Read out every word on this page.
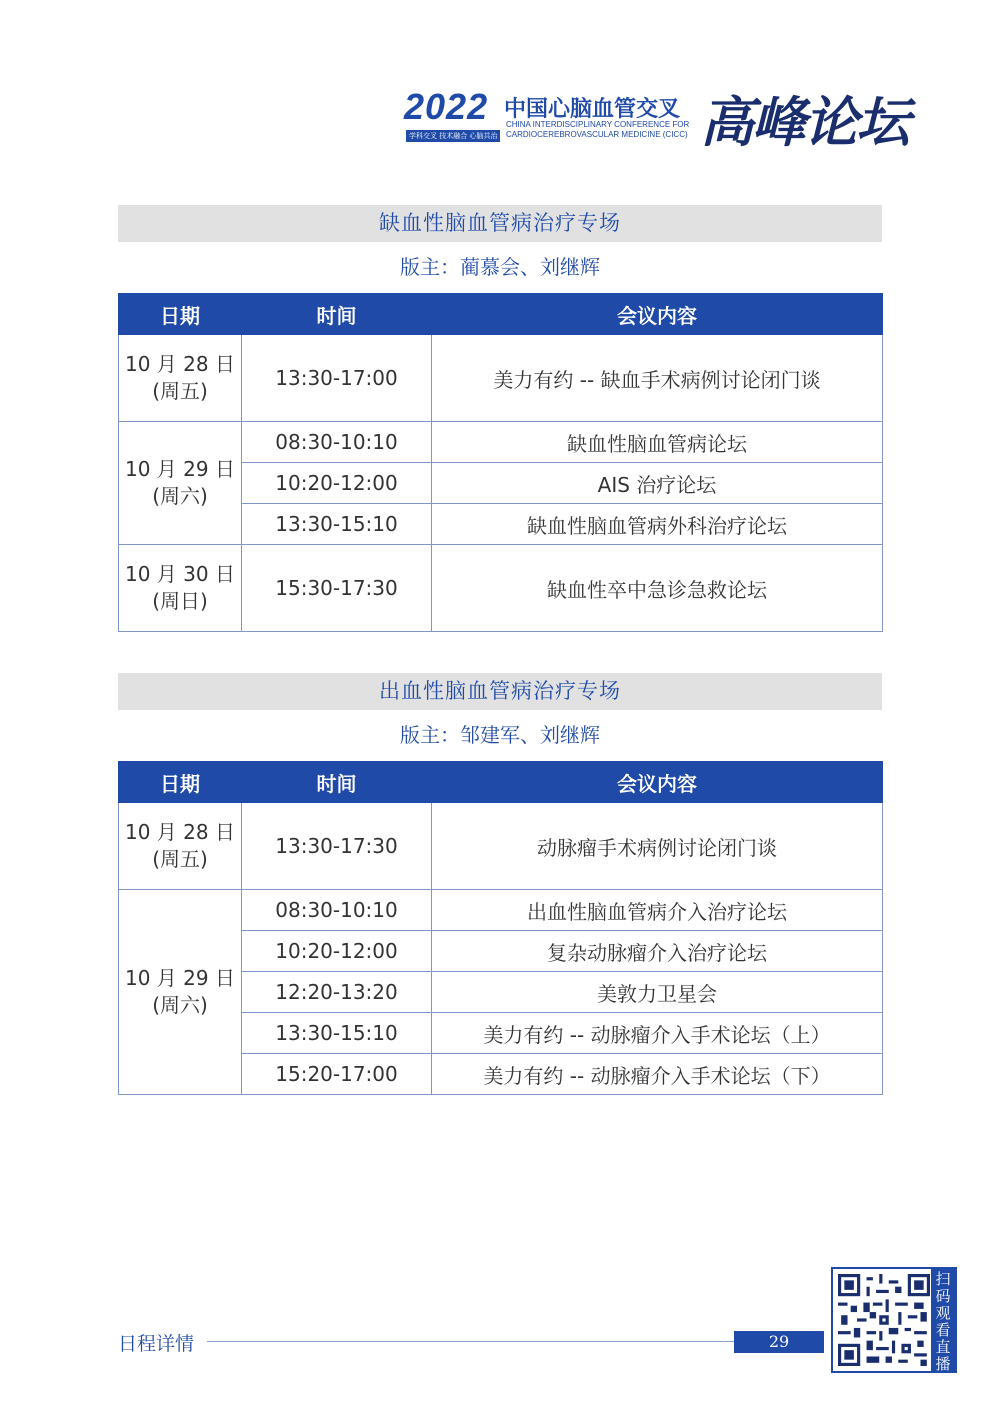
2022
学科交叉 技术融合 心脑共治
中国心脑血管交叉
CHINA INTERDISCIPLINARY CONFERENCE FOR CARDIOCEREBROVASCULAR MEDICINE (CICC) 高峰论坛
缺血性脑血管病治疗专场
版主：蔺慕会、刘继辉
日期	时间	会议内容

10 月 28 日
(周五)	13:30-17:00	美力有约 -- 缺血手术病例讨论闭门谈

10 月 29 日
(周六)	08:30-10:10	缺血性脑血管病论坛
	10:20-12:00	AIS 治疗论坛
	13:30-15:10	缺血性脑血管病外科治疗论坛

10 月 30 日
(周日)	15:30-17:30	缺血性卒中急诊急救论坛
出血性脑血管病治疗专场
版主：邹建军、刘继辉
日期	时间	会议内容

10 月 28 日
(周五)	13:30-17:30	动脉瘤手术病例讨论闭门谈

10 月 29 日
(周六)	08:30-10:10	出血性脑血管病介入治疗论坛
	10:20-12:00	复杂动脉瘤介入治疗论坛
	12:20-13:20	美敦力卫星会
	13:30-15:10	美力有约 -- 动脉瘤介入手术论坛（上）
	15:20-17:00	美力有约 -- 动脉瘤介入手术论坛（下）
日程详情	29
扫码观看直播
